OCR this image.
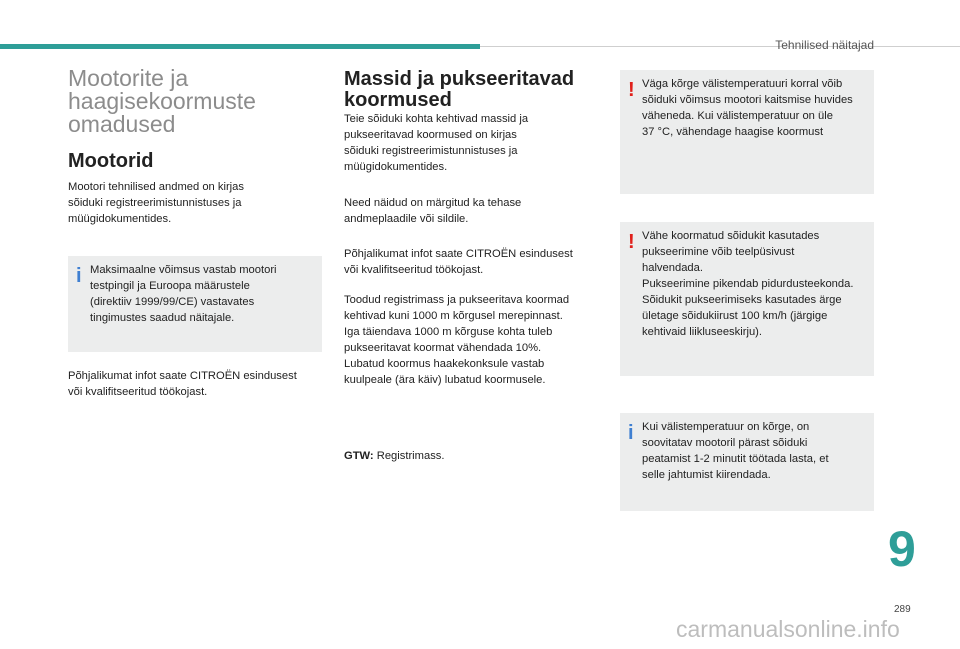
Tehnilised näitajad
Mootorite ja
haagisekoormuste
omadused
Mootorid

Mootori tehnilised andmed on kirjas
sõiduki registreerimistunnistuses ja
müügidokumentides.

i Maksimaalne võimsus vastab mootori
testpingil ja Euroopa määrustele
(direktiiv 1999/99/CE) vastavates
tingimustes saadud näitajale.

Põhjalikumat infot saate CITROËN esindusest
või kvalifitseeritud töökojast.

Massid ja pukseeritavad
koormused

Teie sõiduki kohta kehtivad massid ja
pukseeritavad koormused on kirjas
sõiduki registreerimistunnistuses ja
müügidokumentides.

Need näidud on märgitud ka tehase
andmeplaadile või sildile.

Põhjalikumat infot saate CITROËN esindusest
või kvalifitseeritud töökojast.

Toodud registrimass ja pukseeritava koormad
kehtivad kuni 1000 m kõrgusel merepinnast.
Iga täiendava 1000 m kõrguse kohta tuleb
pukseeritavat koormat vähendada 10%.
Lubatud koormus haakekonksule vastab
kuulpeale (ära käiv) lubatud koormusele.

GTW: Registrimass.

! Väga kõrge välistemperatuuri korral võib
sõiduki võimsus mootori kaitsmise huvides
väheneda. Kui välistemperatuur on üle
37 °C, vähendage haagise koormust

! Vähe koormatud sõidukit kasutades
pukseerimine võib teelpüsivust
halvendada.
Pukseerimine pikendab pidurdusteekonda.
Sõidukit pukseerimiseks kasutades ärge
ületage sõidukiirust 100 km/h (järgige
kehtivaid liikluseeskirju).

i Kui välistemperatuur on kõrge, on
soovitatav mootoril pärast sõiduki
peatamist 1-2 minutit töötada lasta, et
selle jahtumist kiirendada.

9
289
carmanualsonline.info
